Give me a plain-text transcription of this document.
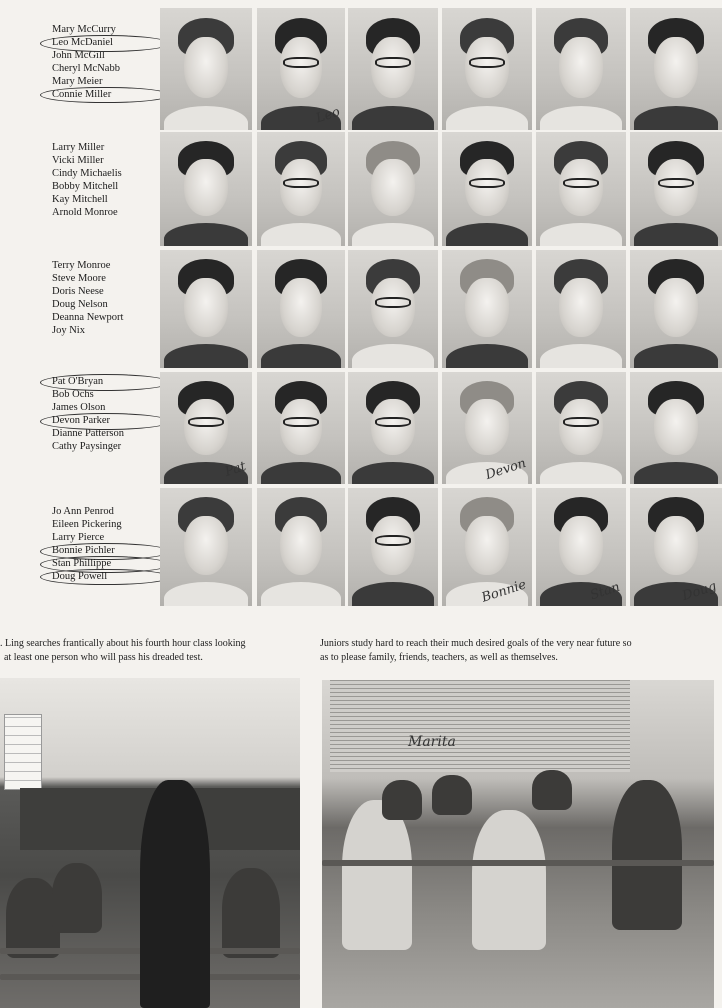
Mary McCurry
Leo McDaniel
John McGill
Cheryl McNabb
Mary Meier
Connie Miller
Larry Miller
Vicki Miller
Cindy Michaelis
Bobby Mitchell
Kay Mitchell
Arnold Monroe
Terry Monroe
Steve Moore
Doris Neese
Doug Nelson
Deanna Newport
Joy Nix
Pat O'Bryan
Bob Ochs
James Olson
Devon Parker
Dianne Patterson
Cathy Paysinger
Jo Ann Penrod
Eileen Pickering
Larry Pierce
Bonnie Pichler
Stan Phillippe
Doug Powell
Leo
Pat	Devon
Bonnie	Stan	Doug
. Ling searches frantically about his fourth hour class looking
at least one person who will pass his dreaded test.
Juniors study hard to reach their much desired goals of the very near future so
as to please family, friends, teachers, as well as themselves.
Marita
